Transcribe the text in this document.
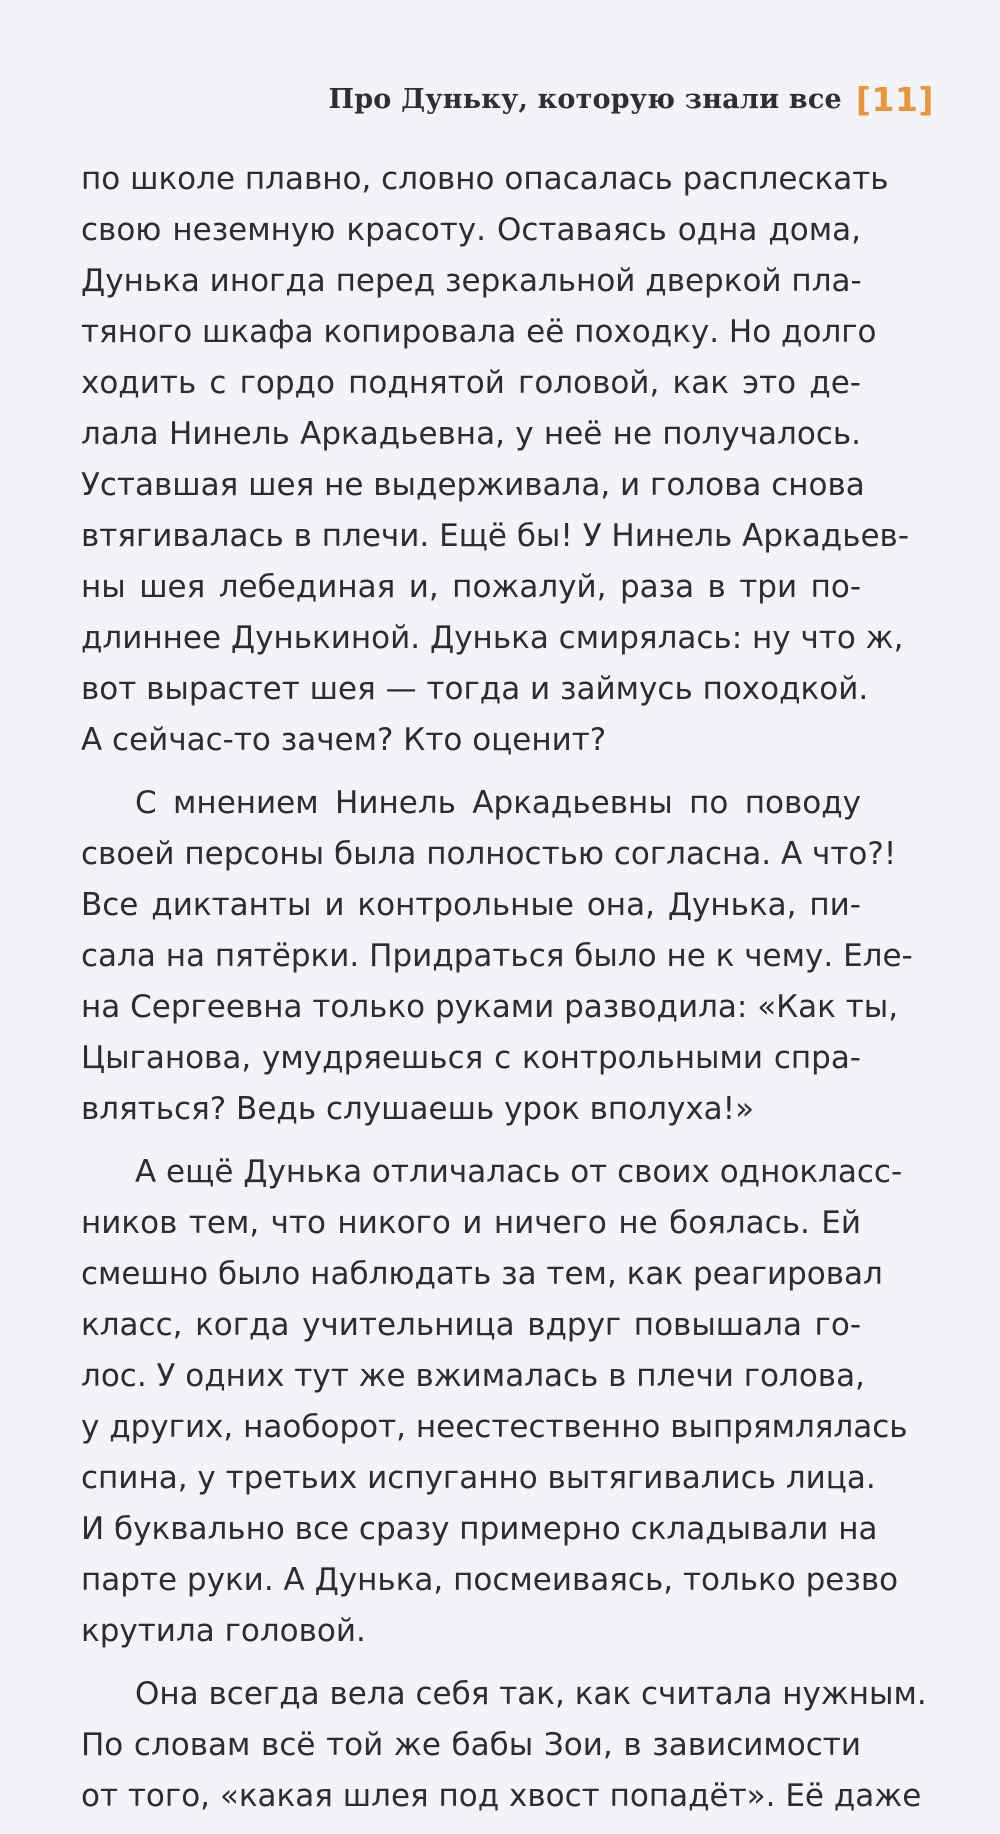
Про Дуньку, которую знали все [11]
по школе плавно, словно опасалась расплескать
свою неземную красоту. Оставаясь одна дома,
Дунька иногда перед зеркальной дверкой пла-
тяного шкафа копировала её походку. Но долго
ходить с гордо поднятой головой, как это де-
лала Нинель Аркадьевна, у неё не получалось.
Уставшая шея не выдерживала, и голова снова
втягивалась в плечи. Ещё бы! У Нинель Аркадьев-
ны шея лебединая и, пожалуй, раза в три по-
длиннее Дунькиной. Дунька смирялась: ну что ж,
вот вырастет шея — тогда и займусь походкой.
А сейчас-то зачем? Кто оценит?
С мнением Нинель Аркадьевны по поводу
своей персоны была полностью согласна. А что?!
Все диктанты и контрольные она, Дунька, пи-
сала на пятёрки. Придраться было не к чему. Еле-
на Сергеевна только руками разводила: «Как ты,
Цыганова, умудряешься с контрольными спра-
вляться? Ведь слушаешь урок вполуха!»
А ещё Дунька отличалась от своих однокласс-
ников тем, что никого и ничего не боялась. Ей
смешно было наблюдать за тем, как реагировал
класс, когда учительница вдруг повышала го-
лос. У одних тут же вжималась в плечи голова,
у других, наоборот, неестественно выпрямлялась
спина, у третьих испуганно вытягивались лица.
И буквально все сразу примерно складывали на
парте руки. А Дунька, посмеиваясь, только резво
крутила головой.
Она всегда вела себя так, как считала нужным.
По словам всё той же бабы Зои, в зависимости
от того, «какая шлея под хвост попадёт». Её даже
